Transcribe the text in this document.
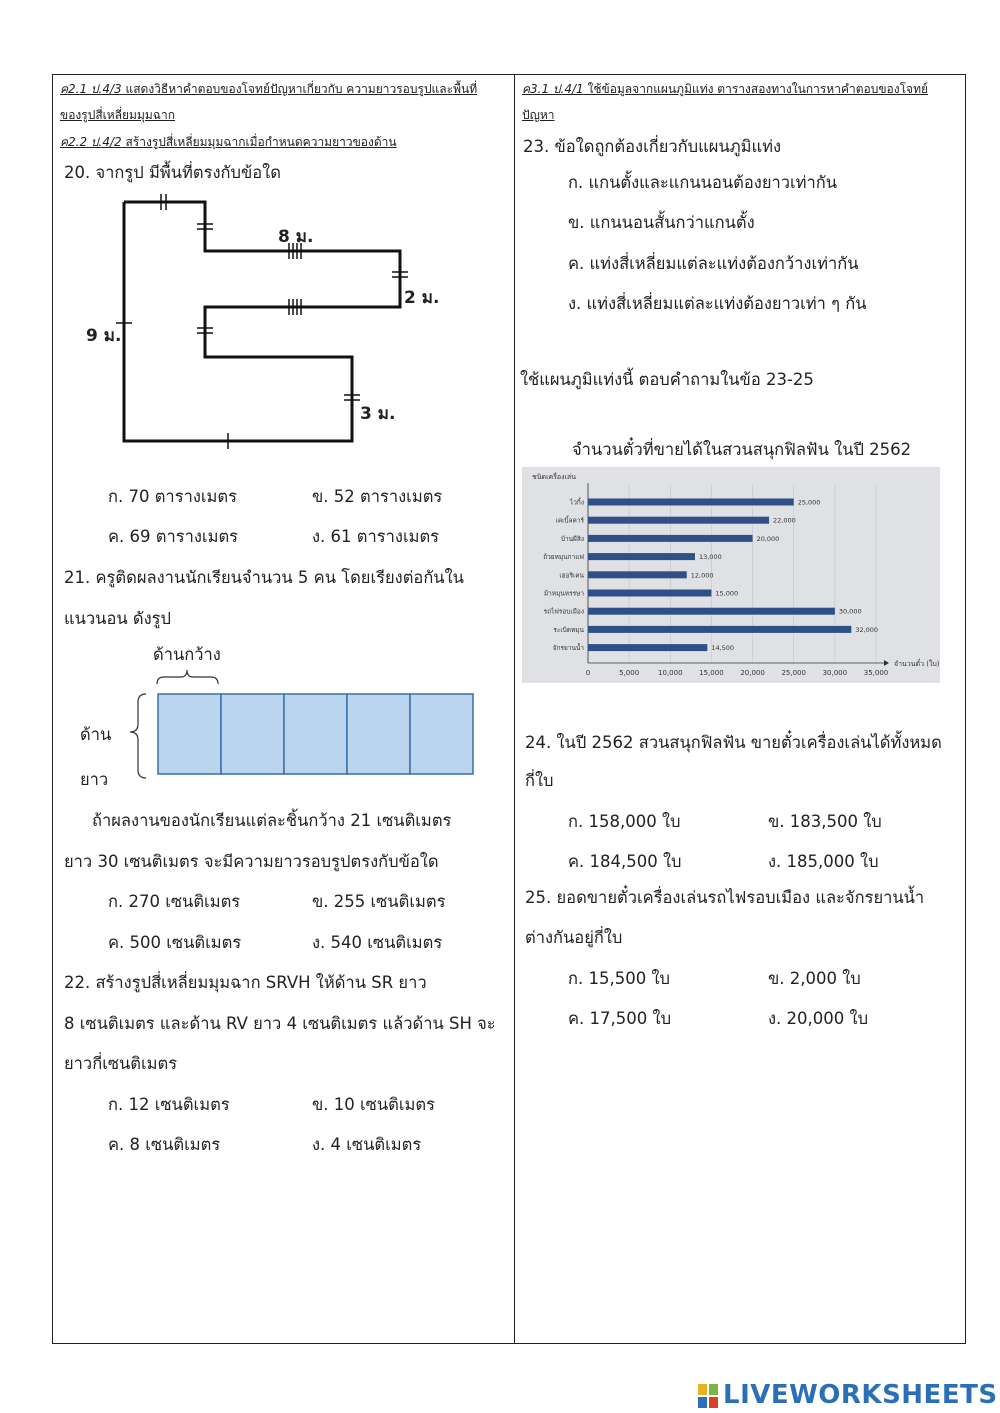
ค2.1 ป.4/3 แสดงวิธีหาคำตอบของโจทย์ปัญหาเกี่ยวกับ ความยาวรอบรูปและพื้นที่
ของรูปสี่เหลี่ยมมุมฉาก
ค2.2 ป.4/2 สร้างรูปสี่เหลี่ยมมุมฉากเมื่อกำหนดความยาวของด้าน
20. จากรูป มีพื้นที่ตรงกับข้อใด
8 ม.
2 ม.
9 ม.
3 ม.
ก. 70 ตารางเมตร	ข. 52 ตารางเมตร
ค. 69 ตารางเมตร	ง. 61 ตารางเมตร
21. ครูติดผลงานนักเรียนจำนวน 5 คน โดยเรียงต่อกันใน
แนวนอน ดังรูป
ด้านกว้าง
ด้าน
ยาว
ถ้าผลงานของนักเรียนแต่ละชิ้นกว้าง 21 เซนติเมตร
ยาว 30 เซนติเมตร จะมีความยาวรอบรูปตรงกับข้อใด
ก. 270 เซนติเมตร	ข. 255 เซนติเมตร
ค. 500 เซนติเมตร	ง. 540 เซนติเมตร
22. สร้างรูปสี่เหลี่ยมมุมฉาก SRVH ให้ด้าน SR ยาว
8 เซนติเมตร และด้าน RV ยาว 4 เซนติเมตร แล้วด้าน SH จะ
ยาวกี่เซนติเมตร
ก. 12 เซนติเมตร	ข. 10 เซนติเมตร
ค. 8 เซนติเมตร	ง. 4 เซนติเมตร
ค3.1 ป.4/1 ใช้ข้อมูลจากแผนภูมิแท่ง ตารางสองทางในการหาคำตอบของโจทย์
ปัญหา
23. ข้อใดถูกต้องเกี่ยวกับแผนภูมิแท่ง
ก. แกนตั้งและแกนนอนต้องยาวเท่ากัน
ข. แกนนอนสั้นกว่าแกนตั้ง
ค. แท่งสี่เหลี่ยมแต่ละแท่งต้องกว้างเท่ากัน
ง. แท่งสี่เหลี่ยมแต่ละแท่งต้องยาวเท่า ๆ กัน
ใช้แผนภูมิแท่งนี้ ตอบคำถามในข้อ 23-25
จำนวนตั๋วที่ขายได้ในสวนสนุกฟิลฟัน ในปี 2562
ชนิดเครื่องเล่น
0	5,000	10,000 15,000 20,000 25,000 30,000 35,000
จำนวนตั๋ว (ใบ)
ไวกิ้ง	25,000
เคเบิ้ลคาร์	22,000
บ้านผีสิง	20,000
ถ้วยหมุนกาแฟ	13,000
เฮอริเคน	12,000
ม้าหมุนหรรษา	15,000
รถไฟรอบเมือง	30,000
ระเบิดหมุน	32,000
จักรยานน้ำ	14,500
24. ในปี 2562 สวนสนุกฟิลฟัน ขายตั๋วเครื่องเล่นได้ทั้งหมด
กี่ใบ
ก. 158,000 ใบ	ข. 183,500 ใบ
ค. 184,500 ใบ	ง. 185,000 ใบ
25. ยอดขายตั๋วเครื่องเล่นรถไฟรอบเมือง และจักรยานน้ำ
ต่างกันอยู่กี่ใบ
ก. 15,500 ใบ	ข. 2,000 ใบ
ค. 17,500 ใบ	ง. 20,000 ใบ
LIVEWORKSHEETS
